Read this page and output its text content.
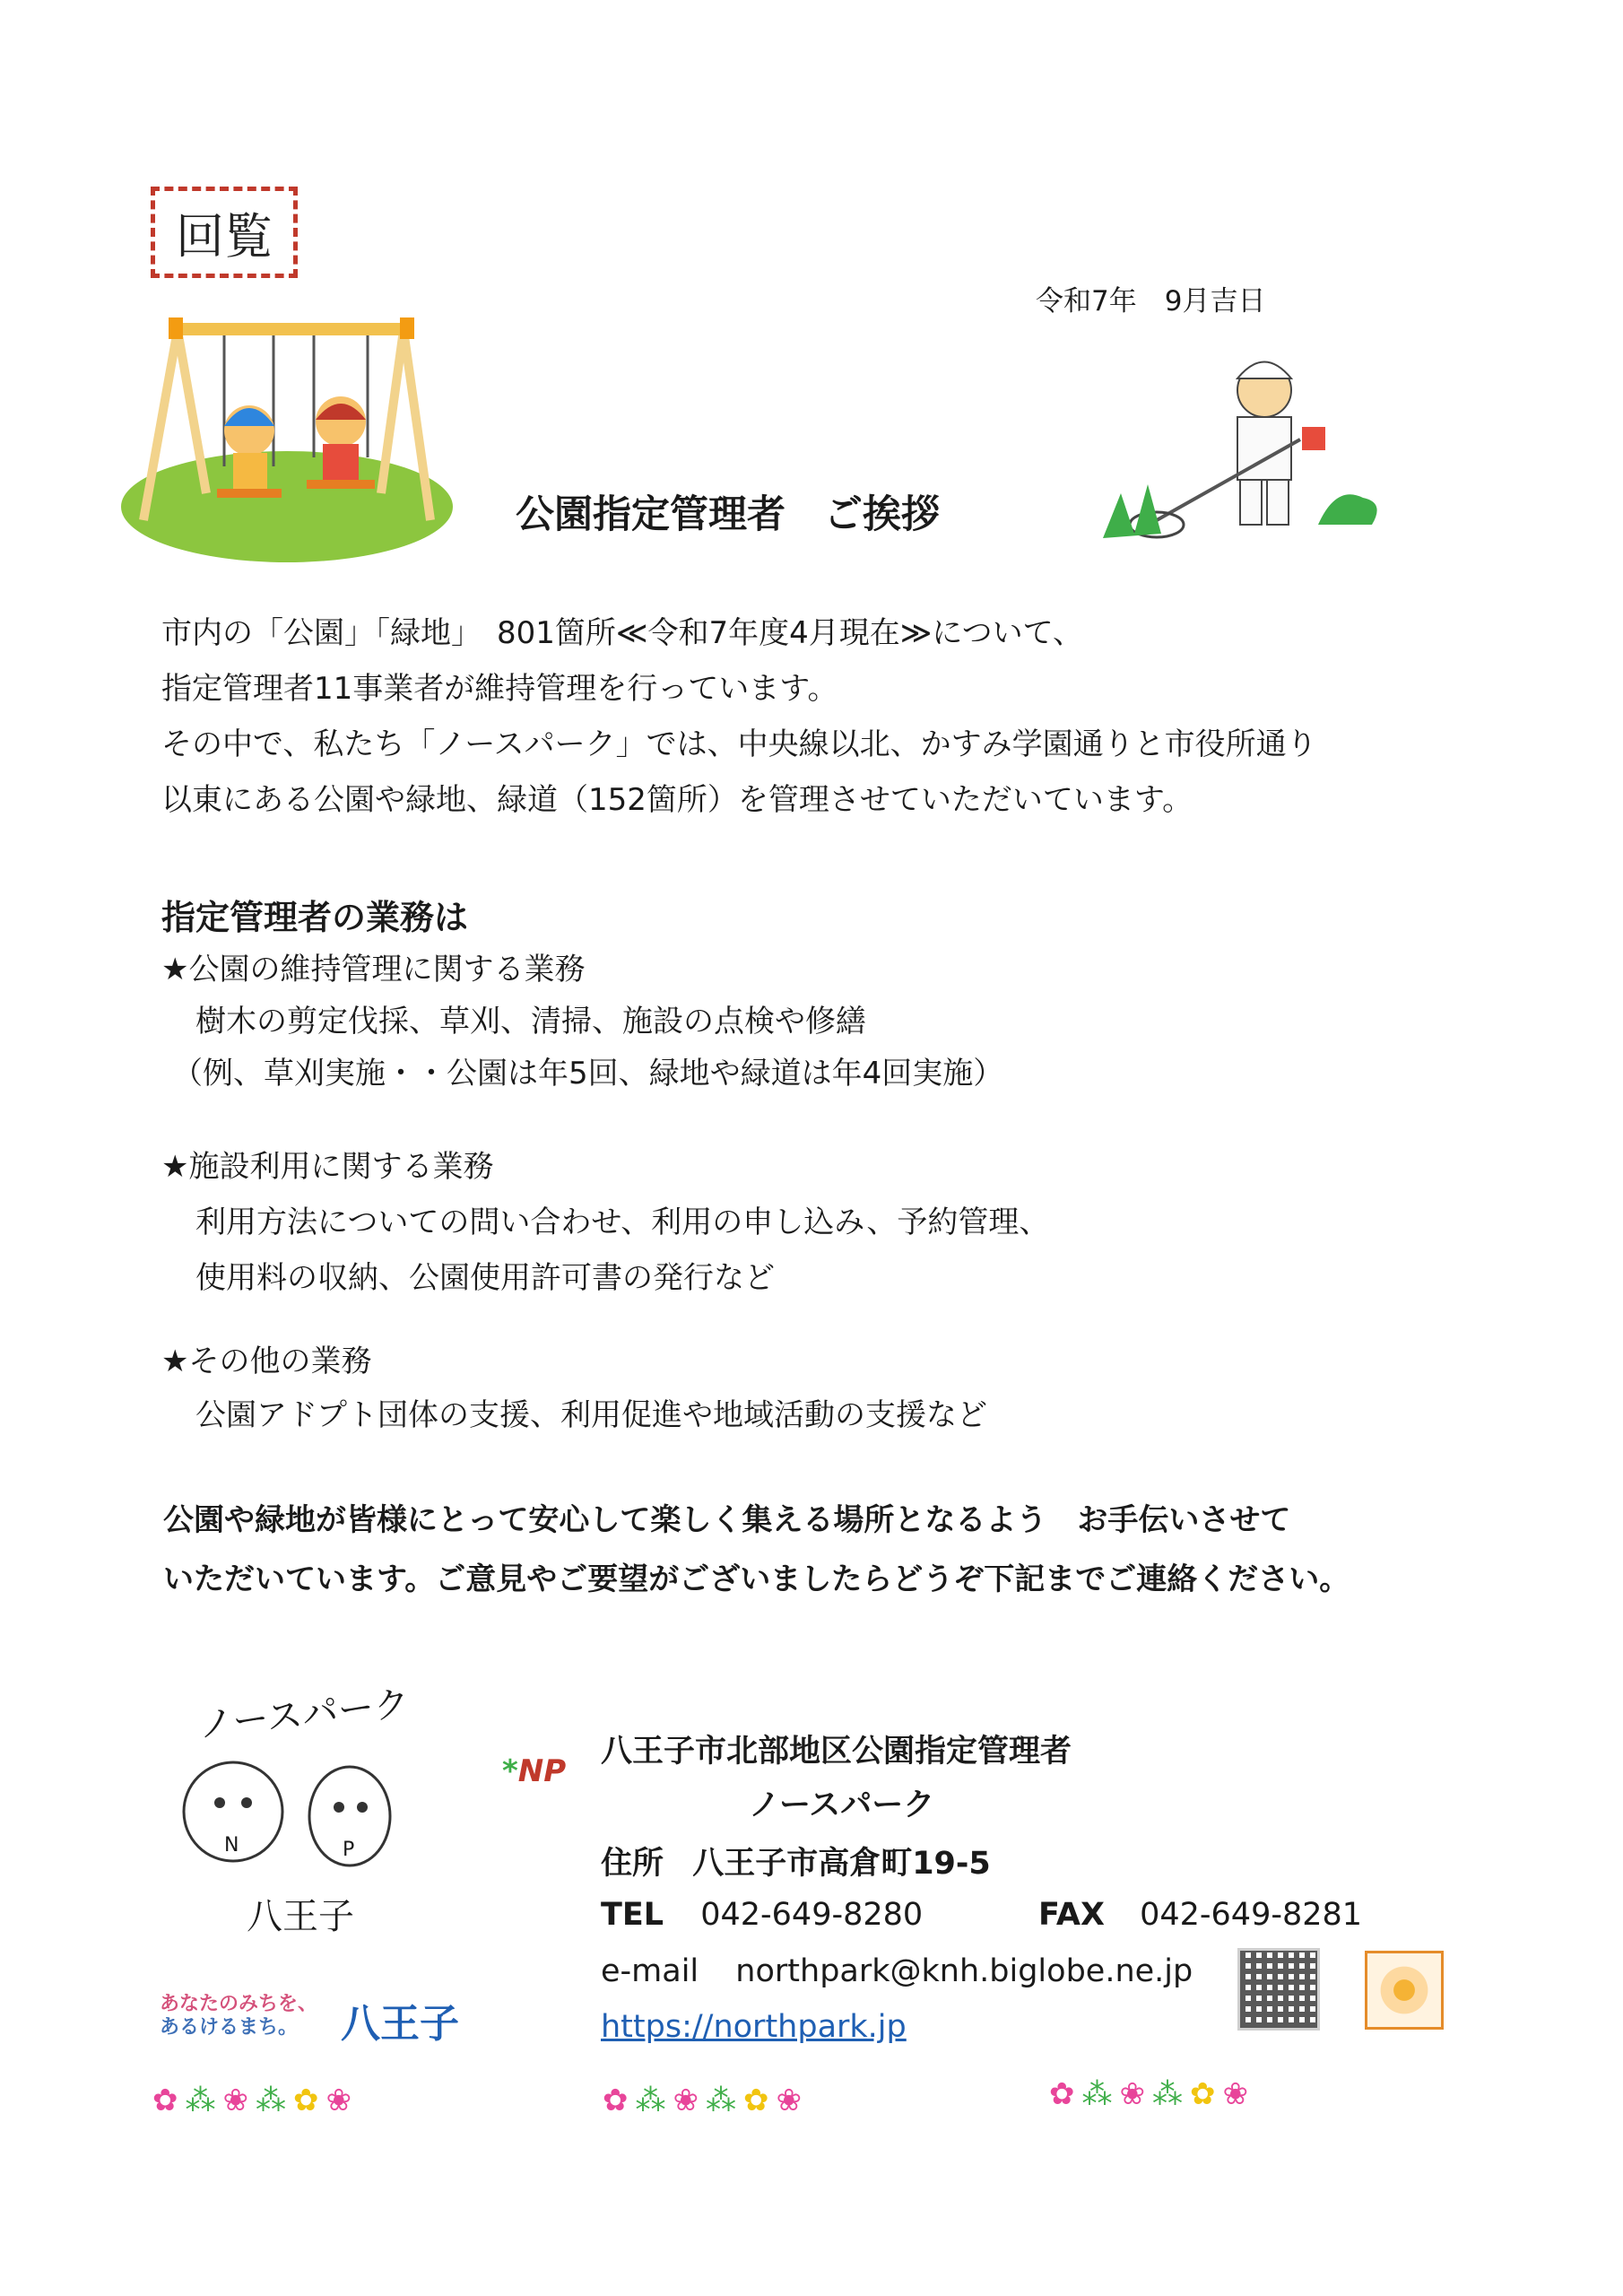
回覧
令和7年　9月吉日
公園指定管理者　ご挨拶
市内の「公園」「緑地」　801箇所≪令和7年度4月現在≫について、
指定管理者11事業者が維持管理を行っています。
その中で、私たち「ノースパーク」では、中央線以北、かすみ学園通りと市役所通り
以東にある公園や緑地、緑道（152箇所）を管理させていただいています。
指定管理者の業務は
★公園の維持管理に関する業務
樹木の剪定伐採、草刈、清掃、施設の点検や修繕
（例、草刈実施・・公園は年5回、緑地や緑道は年4回実施）
★施設利用に関する業務
利用方法についての問い合わせ、利用の申し込み、予約管理、
使用料の収納、公園使用許可書の発行など
★その他の業務
公園アドプト団体の支援、利用促進や地域活動の支援など
公園や緑地が皆様にとって安心して楽しく集える場所となるよう　お手伝いさせて
いただいています。ご意見やご要望がございましたらどうぞ下記までご連絡ください。
ノースパーク
N	P
八王子
*NP
八王子市北部地区公園指定管理者
ノースパーク
住所 八王子市高倉町19-5
TEL 042-649-8280	FAX 042-649-8281
e-mail northpark@knh.biglobe.ne.jp
https://northpark.jp
あなたのみちを、
あるけるまち。	八王子
✿⁂❀⁂✿❀	✿⁂❀⁂✿❀	✿⁂❀⁂✿❀
